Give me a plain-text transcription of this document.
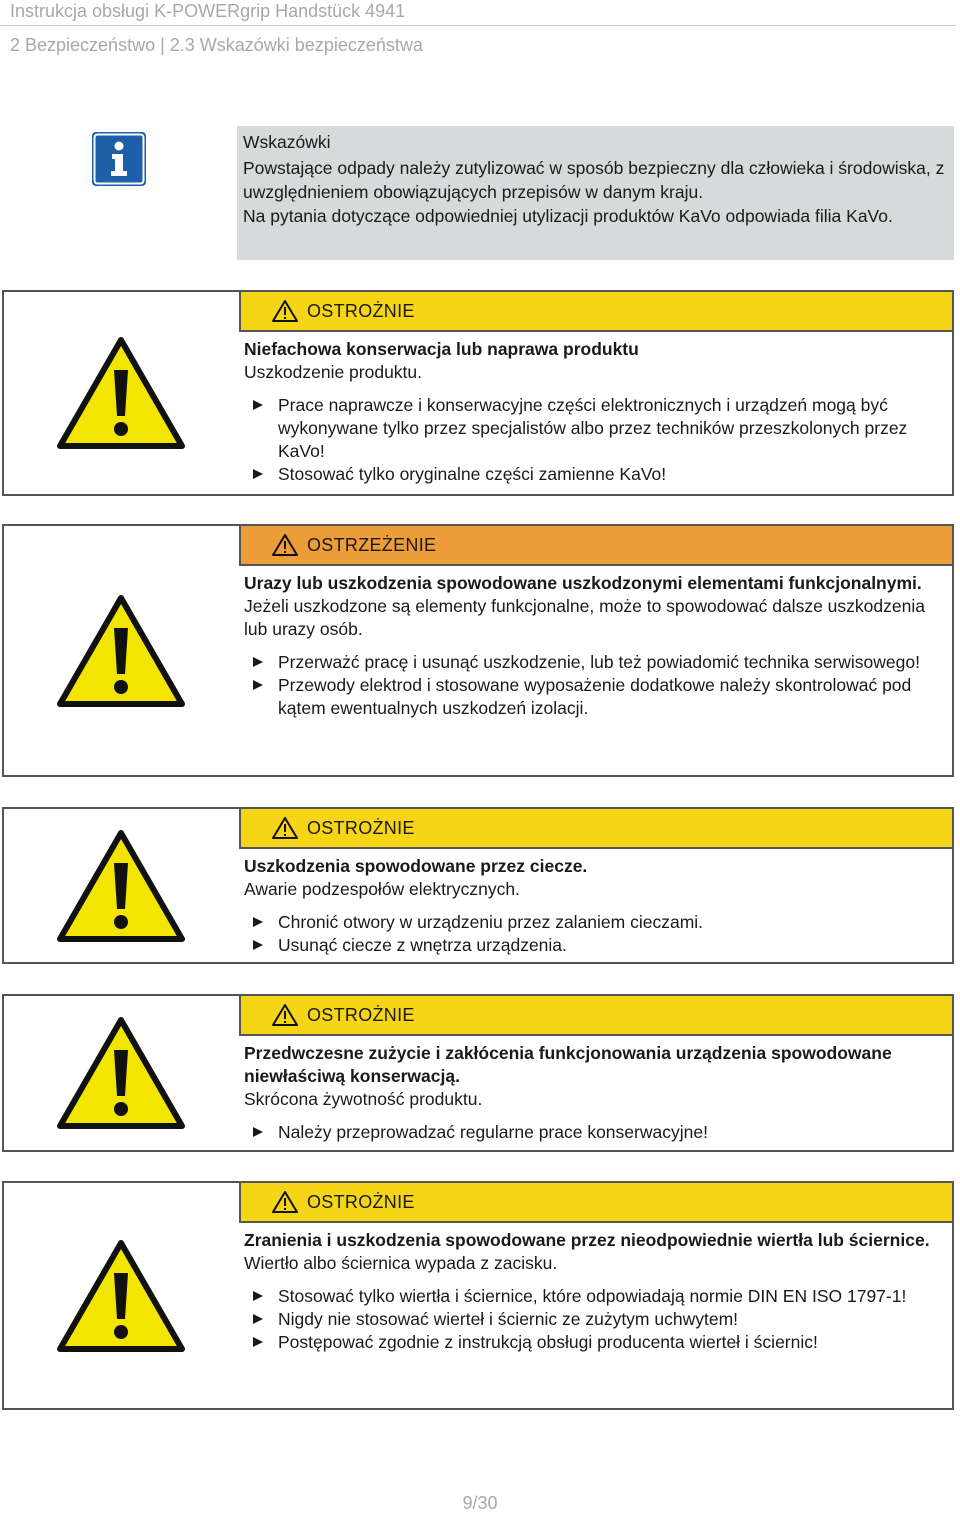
Instrukcja obsługi K-POWERgrip Handstück 4941
2 Bezpieczeństwo | 2.3 Wskazówki bezpieczeństwa
Wskazówki

Powstające odpady należy zutylizować w sposób bezpieczny dla człowieka i środowiska, z uwzględnieniem obowiązujących przepisów w danym kraju.

Na pytania dotyczące odpowiedniej utylizacji produktów KaVo odpowiada filia KaVo.

OSTROŻNIE

Niefachowa konserwacja lub naprawa produktu

Uszkodzenie produktu.

Prace naprawcze i konserwacyjne części elektronicznych i urządzeń mogą być wykonywane tylko przez specjalistów albo przez techników przeszkolonych przez KaVo!
Stosować tylko oryginalne części zamienne KaVo!
OSTRZEŻENIE

Urazy lub uszkodzenia spowodowane uszkodzonymi elementami funkcjonalnymi.

Jeżeli uszkodzone są elementy funkcjonalne, może to spowodować dalsze uszkodzenia lub urazy osób.

Przerważć pracę i usunąć uszkodzenie, lub też powiadomić technika serwisowego!
Przewody elektrod i stosowane wyposażenie dodatkowe należy skontrolować pod kątem ewentualnych uszkodzeń izolacji.
OSTROŻNIE

Uszkodzenia spowodowane przez ciecze.

Awarie podzespołów elektrycznych.

Chronić otwory w urządzeniu przez zalaniem cieczami.
Usunąć ciecze z wnętrza urządzenia.
OSTROŻNIE

Przedwczesne zużycie i zakłócenia funkcjonowania urządzenia spowodowane niewłaściwą konserwacją.

Skrócona żywotność produktu.

Należy przeprowadzać regularne prace konserwacyjne!
OSTROŻNIE

Zranienia i uszkodzenia spowodowane przez nieodpowiednie wiertła lub ściernice.

Wiertło albo ściernica wypada z zacisku.

Stosować tylko wiertła i ściernice, które odpowiadają normie DIN EN ISO 1797-1!
Nigdy nie stosować wierteł i ściernic ze zużytym uchwytem!
Postępować zgodnie z instrukcją obsługi producenta wierteł i ściernic!
9/30
